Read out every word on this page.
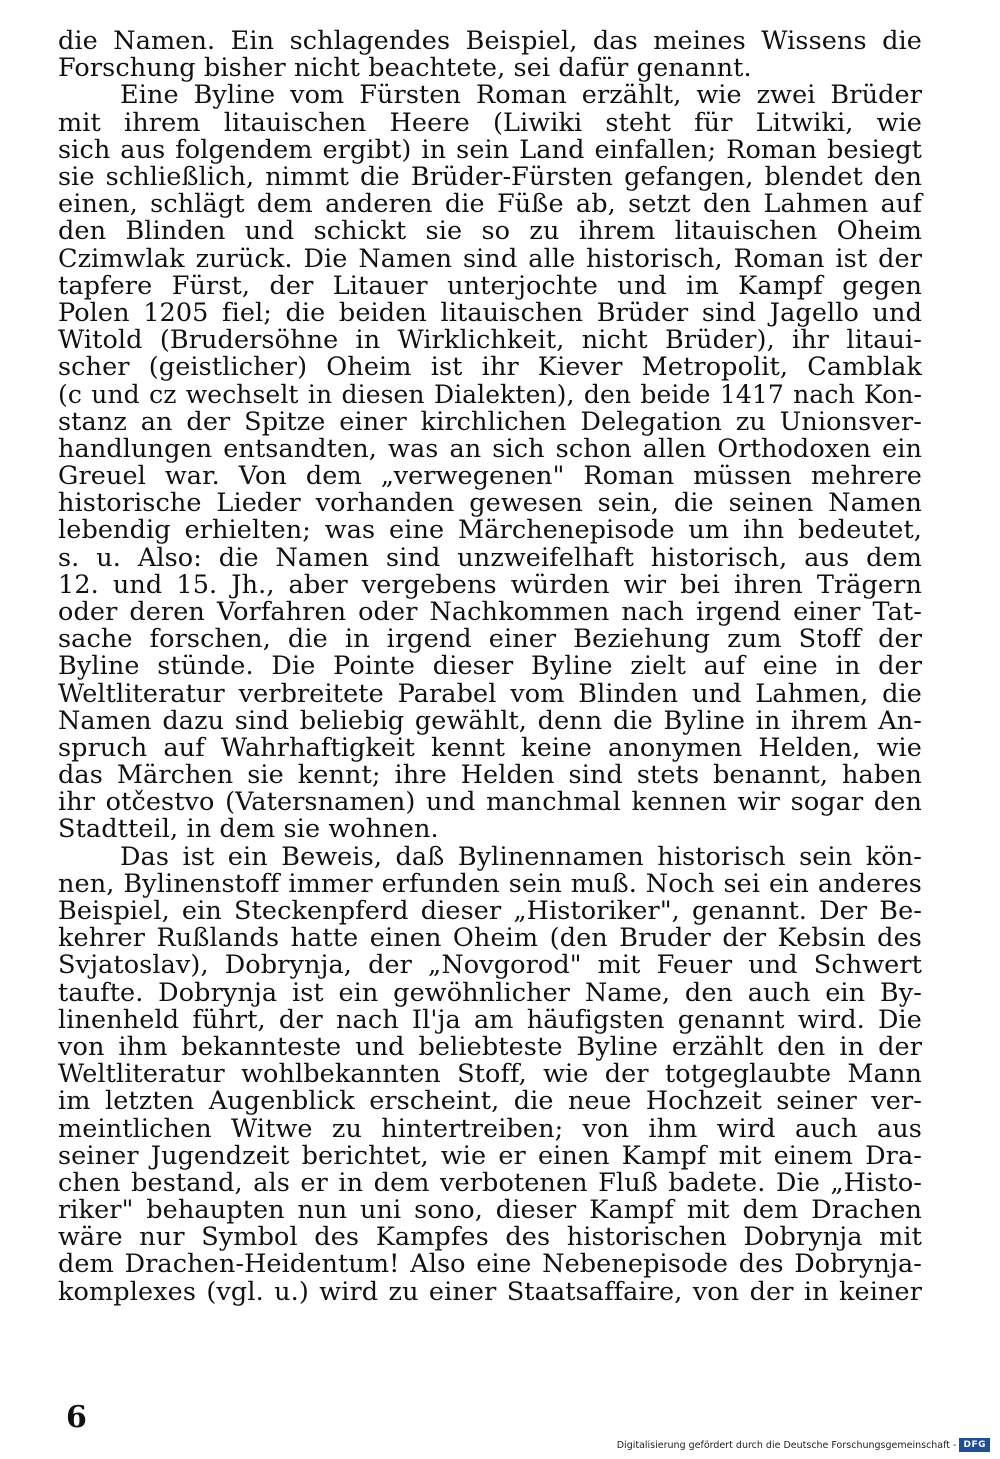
die Namen. Ein schlagendes Beispiel, das meines Wissens die
Forschung bisher nicht beachtete, sei dafür genannt.
Eine Byline vom Fürsten Roman erzählt, wie zwei Brüder
mit ihrem litauischen Heere (Liwiki steht für Litwiki, wie
sich aus folgendem ergibt) in sein Land einfallen; Roman besiegt
sie schließlich, nimmt die Brüder-Fürsten gefangen, blendet den
einen, schlägt dem anderen die Füße ab, setzt den Lahmen auf
den Blinden und schickt sie so zu ihrem litauischen Oheim
Czimwlak zurück. Die Namen sind alle historisch, Roman ist der
tapfere Fürst, der Litauer unterjochte und im Kampf gegen
Polen 1205 fiel; die beiden litauischen Brüder sind Jagello und
Witold (Brudersöhne in Wirklichkeit, nicht Brüder), ihr litaui-
scher (geistlicher) Oheim ist ihr Kiever Metropolit, Camblak
(c und cz wechselt in diesen Dialekten), den beide 1417 nach Kon-
stanz an der Spitze einer kirchlichen Delegation zu Unionsver-
handlungen entsandten, was an sich schon allen Orthodoxen ein
Greuel war. Von dem „verwegenen" Roman müssen mehrere
historische Lieder vorhanden gewesen sein, die seinen Namen
lebendig erhielten; was eine Märchenepisode um ihn bedeutet,
s. u. Also: die Namen sind unzweifelhaft historisch, aus dem
12. und 15. Jh., aber vergebens würden wir bei ihren Trägern
oder deren Vorfahren oder Nachkommen nach irgend einer Tat-
sache forschen, die in irgend einer Beziehung zum Stoff der
Byline stünde. Die Pointe dieser Byline zielt auf eine in der
Weltliteratur verbreitete Parabel vom Blinden und Lahmen, die
Namen dazu sind beliebig gewählt, denn die Byline in ihrem An-
spruch auf Wahrhaftigkeit kennt keine anonymen Helden, wie
das Märchen sie kennt; ihre Helden sind stets benannt, haben
ihr otčestvo (Vatersnamen) und manchmal kennen wir sogar den
Stadtteil, in dem sie wohnen.
Das ist ein Beweis, daß Bylinennamen historisch sein kön-
nen, Bylinenstoff immer erfunden sein muß. Noch sei ein anderes
Beispiel, ein Steckenpferd dieser „Historiker", genannt. Der Be-
kehrer Rußlands hatte einen Oheim (den Bruder der Kebsin des
Svjatoslav), Dobrynja, der „Novgorod" mit Feuer und Schwert
taufte. Dobrynja ist ein gewöhnlicher Name, den auch ein By-
linenheld führt, der nach Il'ja am häufigsten genannt wird. Die
von ihm bekannteste und beliebteste Byline erzählt den in der
Weltliteratur wohlbekannten Stoff, wie der totgeglaubte Mann
im letzten Augenblick erscheint, die neue Hochzeit seiner ver-
meintlichen Witwe zu hintertreiben; von ihm wird auch aus
seiner Jugendzeit berichtet, wie er einen Kampf mit einem Dra-
chen bestand, als er in dem verbotenen Fluß badete. Die „Histo-
riker" behaupten nun uni sono, dieser Kampf mit dem Drachen
wäre nur Symbol des Kampfes des historischen Dobrynja mit
dem Drachen-Heidentum! Also eine Nebenepisode des Dobrynja-
komplexes (vgl. u.) wird zu einer Staatsaffaire, von der in keiner
6
Digitalisierung gefördert durch die Deutsche Forschungsgemeinschaft - DFG
